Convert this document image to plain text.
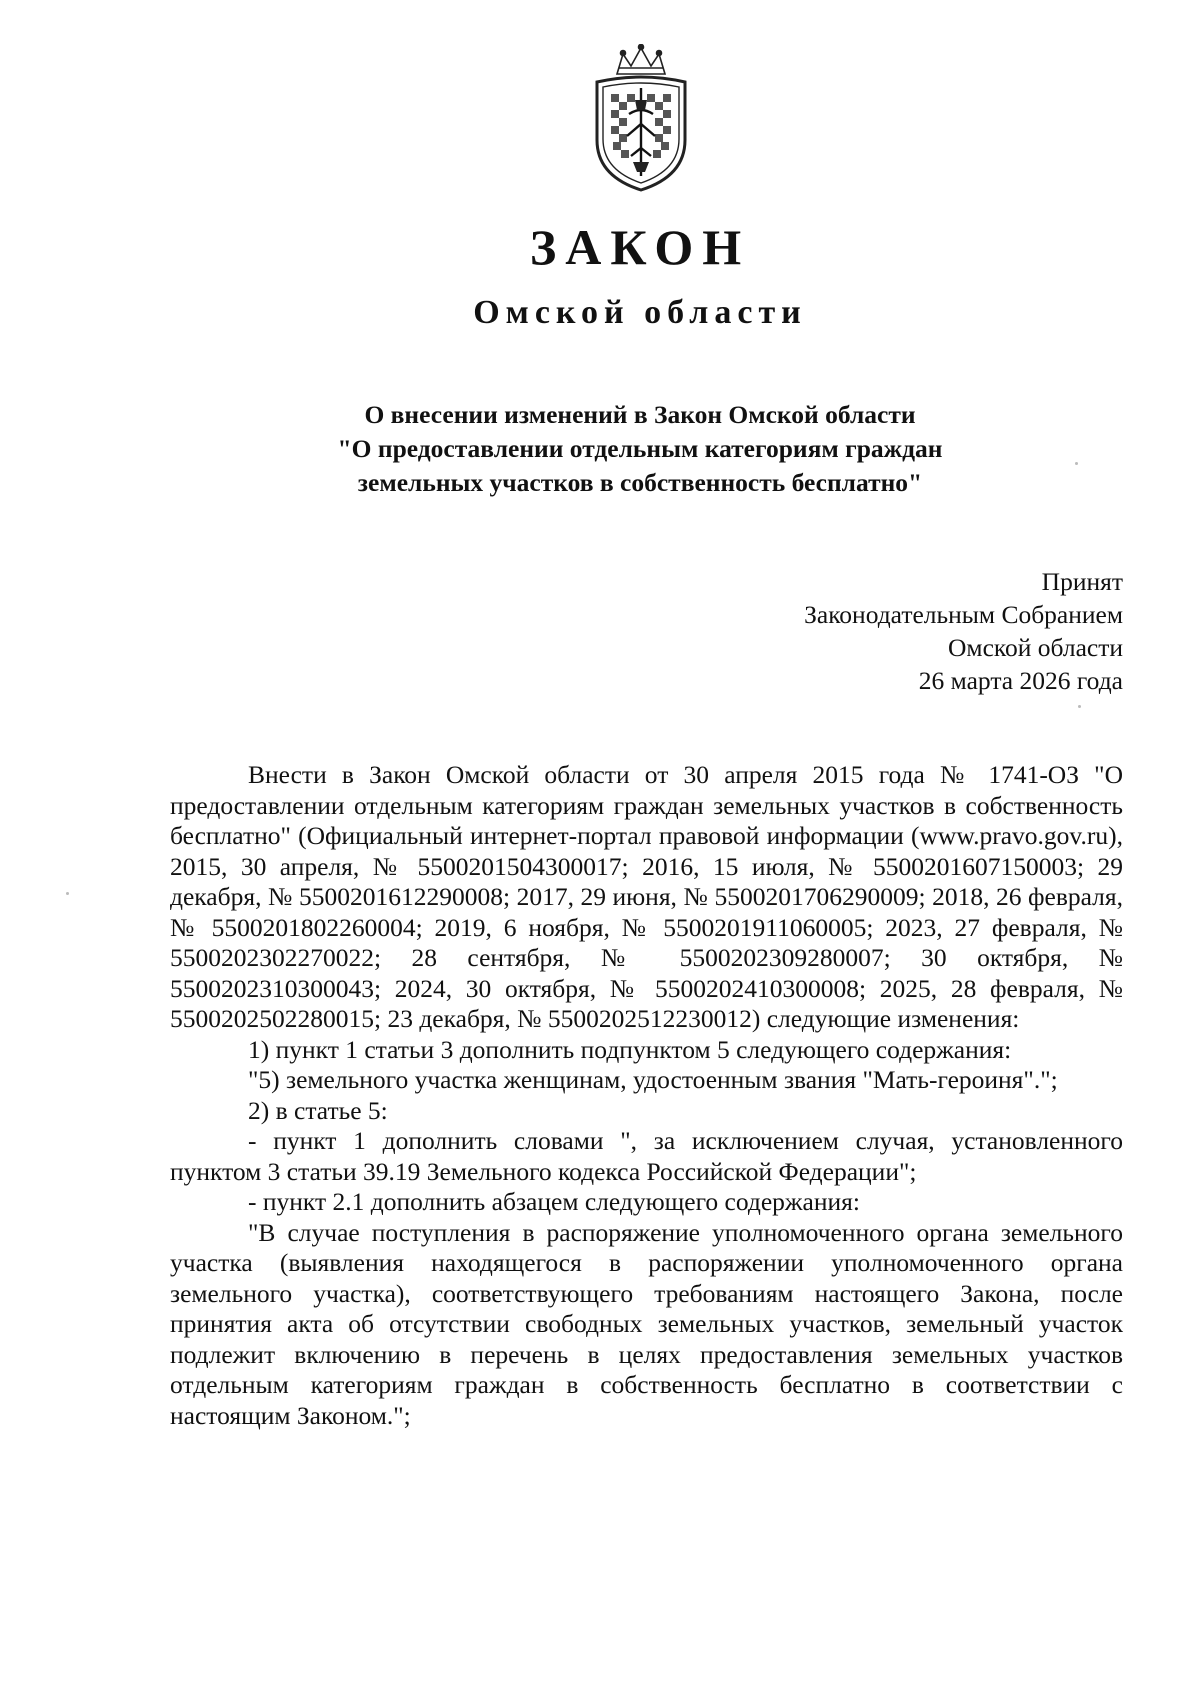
ЗАКОН
Омской области
О внесении изменений в Закон Омской области
"О предоставлении отдельным категориям граждан
земельных участков в собственность бесплатно"
Принят
Законодательным Собранием
Омской области
26 марта 2026 года

Внести в Закон Омской области от 30 апреля 2015 года № 1741-ОЗ "О предоставлении отдельным категориям граждан земельных участков в собственность бесплатно" (Официальный интернет-портал правовой информации (www.pravo.gov.ru), 2015, 30 апреля, № 5500201504300017; 2016, 15 июля, № 5500201607150003; 29 декабря, № 5500201612290008; 2017, 29 июня, № 5500201706290009; 2018, 26 февраля, № 5500201802260004; 2019, 6 ноября, № 5500201911060005; 2023, 27 февраля, № 5500202302270022; 28 сентября, № 5500202309280007; 30 октября, № 5500202310300043; 2024, 30 октября, № 5500202410300008; 2025, 28 февраля, № 5500202502280015; 23 декабря, № 5500202512230012) следующие изменения:

1) пункт 1 статьи 3 дополнить подпунктом 5 следующего содержания:

"5) земельного участка женщинам, удостоенным звания "Мать-героиня".";

2) в статье 5:

- пункт 1 дополнить словами ", за исключением случая, установленного пунктом 3 статьи 39.19 Земельного кодекса Российской Федерации";

- пункт 2.1 дополнить абзацем следующего содержания:

"В случае поступления в распоряжение уполномоченного органа земельного участка (выявления находящегося в распоряжении уполномоченного органа земельного участка), соответствующего требованиям настоящего Закона, после принятия акта об отсутствии свободных земельных участков, земельный участок подлежит включению в перечень в целях предоставления земельных участков отдельным категориям граждан в собственность бесплатно в соответствии с настоящим Законом.";
